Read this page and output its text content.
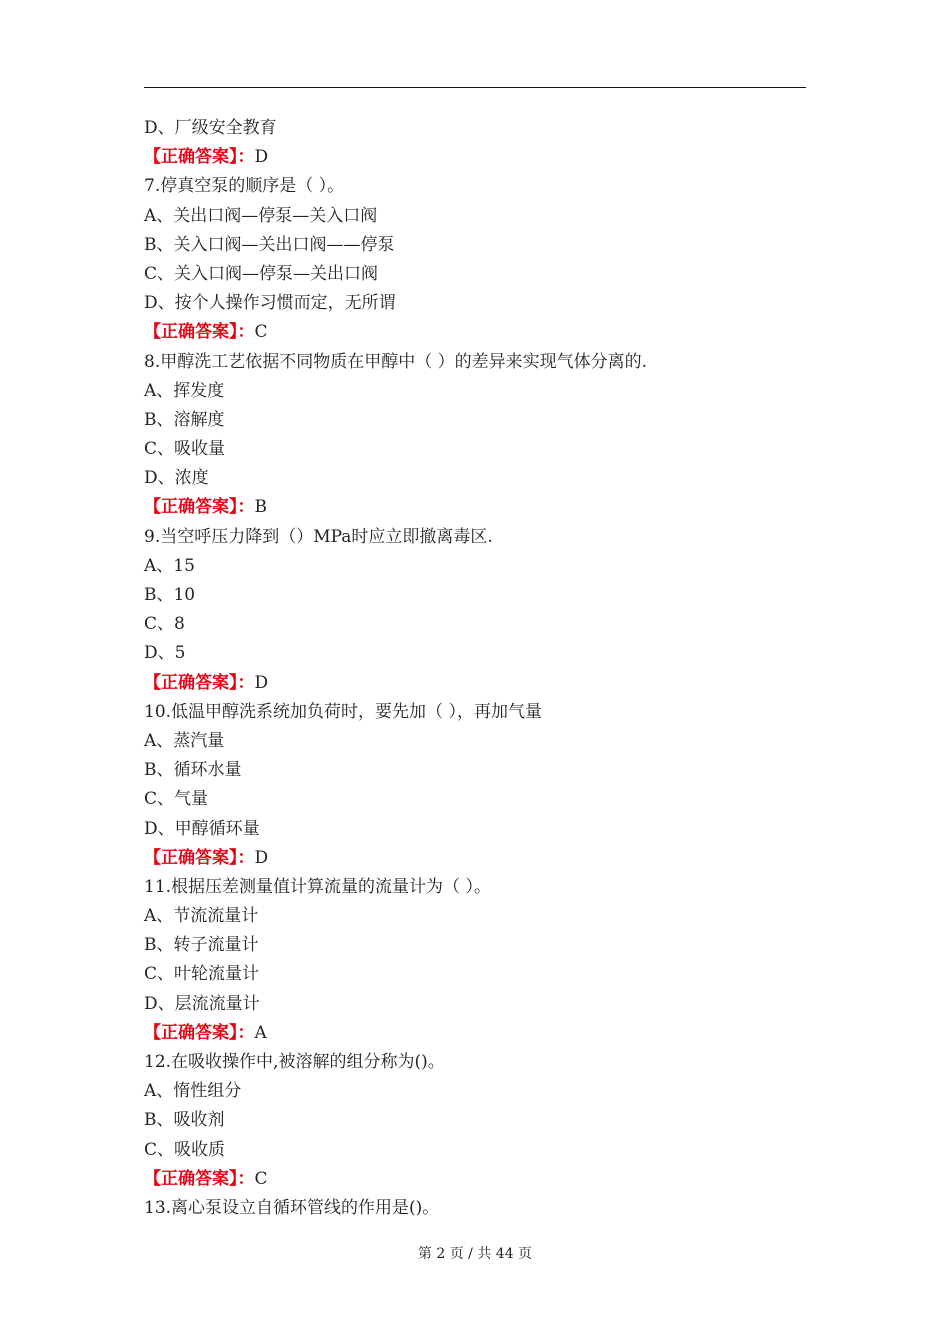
D、厂级安全教育
【正确答案】：D
7.停真空泵的顺序是（ ）。
A、关出口阀—停泵—关入口阀
B、关入口阀—关出口阀——停泵
C、关入口阀—停泵—关出口阀
D、按个人操作习惯而定，无所谓
【正确答案】：C
8.甲醇洗工艺依据不同物质在甲醇中（ ）的差异来实现气体分离的.
A、挥发度
B、溶解度
C、吸收量
D、浓度
【正确答案】：B
9.当空呼压力降到（）MPa时应立即撤离毒区.
A、15
B、10
C、8
D、5
【正确答案】：D
10.低温甲醇洗系统加负荷时，要先加（ ），再加气量
A、蒸汽量
B、循环水量
C、气量
D、甲醇循环量
【正确答案】：D
11.根据压差测量值计算流量的流量计为（ ）。
A、节流流量计
B、转子流量计
C、叶轮流量计
D、层流流量计
【正确答案】：A
12.在吸收操作中,被溶解的组分称为()。
A、惰性组分
B、吸收剂
C、吸收质
【正确答案】：C
13.离心泵设立自循环管线的作用是()。
第 2 页 / 共 44 页
